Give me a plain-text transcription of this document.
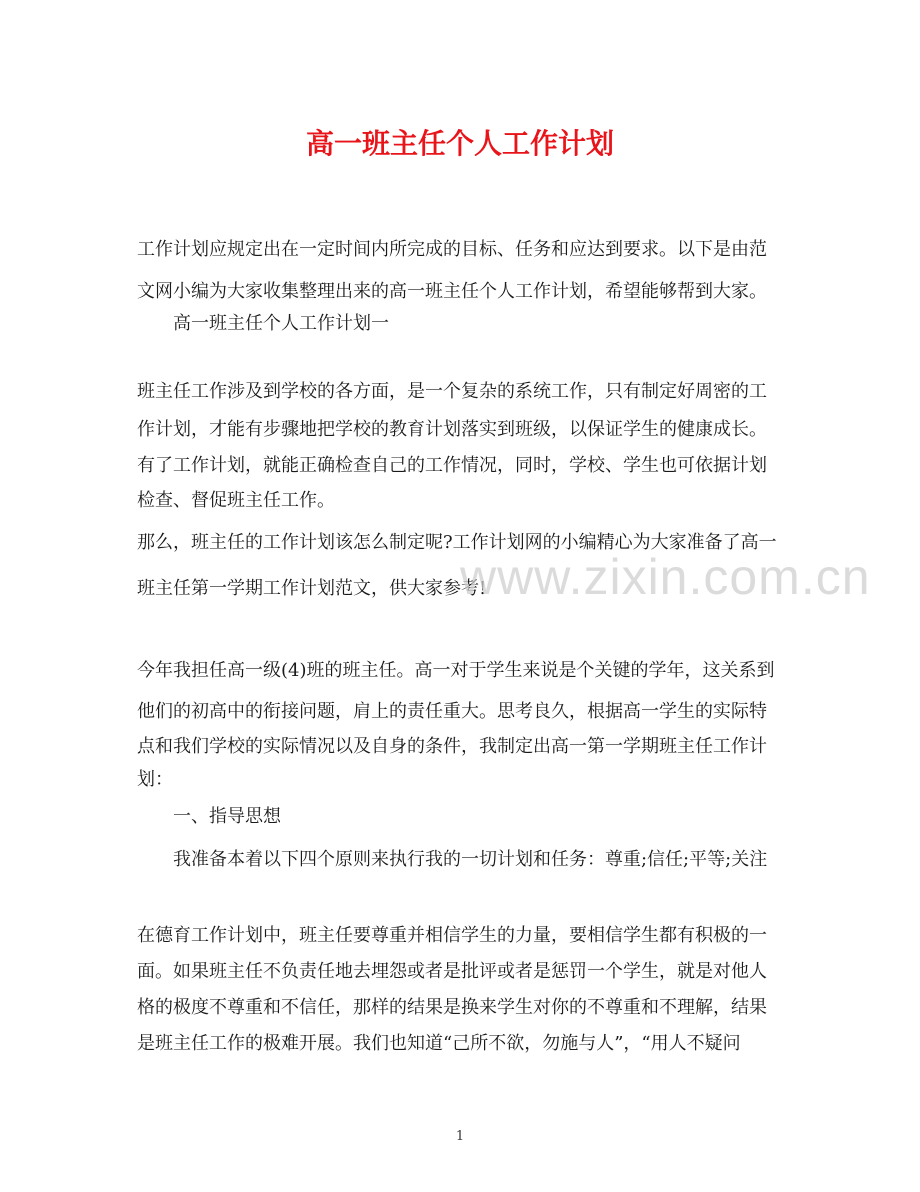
高一班主任个人工作计划
工作计划应规定出在一定时间内所完成的目标、任务和应达到要求。以下是由范
文网小编为大家收集整理出来的高一班主任个人工作计划，希望能够帮到大家。
高一班主任个人工作计划一
班主任工作涉及到学校的各方面，是一个复杂的系统工作，只有制定好周密的工
作计划，才能有步骤地把学校的教育计划落实到班级，以保证学生的健康成长。
有了工作计划，就能正确检查自己的工作情况，同时，学校、学生也可依据计划
检查、督促班主任工作。
那么，班主任的工作计划该怎么制定呢?工作计划网的小编精心为大家准备了高一
班主任第一学期工作计划范文，供大家参考!
www.zixin.com.cn
今年我担任高一级(4)班的班主任。高一对于学生来说是个关键的学年，这关系到
他们的初高中的衔接问题，肩上的责任重大。思考良久，根据高一学生的实际特
点和我们学校的实际情况以及自身的条件，我制定出高一第一学期班主任工作计
划：
一、指导思想
我准备本着以下四个原则来执行我的一切计划和任务：尊重;信任;平等;关注
在德育工作计划中，班主任要尊重并相信学生的力量，要相信学生都有积极的一
面。如果班主任不负责任地去埋怨或者是批评或者是惩罚一个学生，就是对他人
格的极度不尊重和不信任，那样的结果是换来学生对你的不尊重和不理解，结果
是班主任工作的极难开展。我们也知道“己所不欲，勿施与人”，“用人不疑问
1
